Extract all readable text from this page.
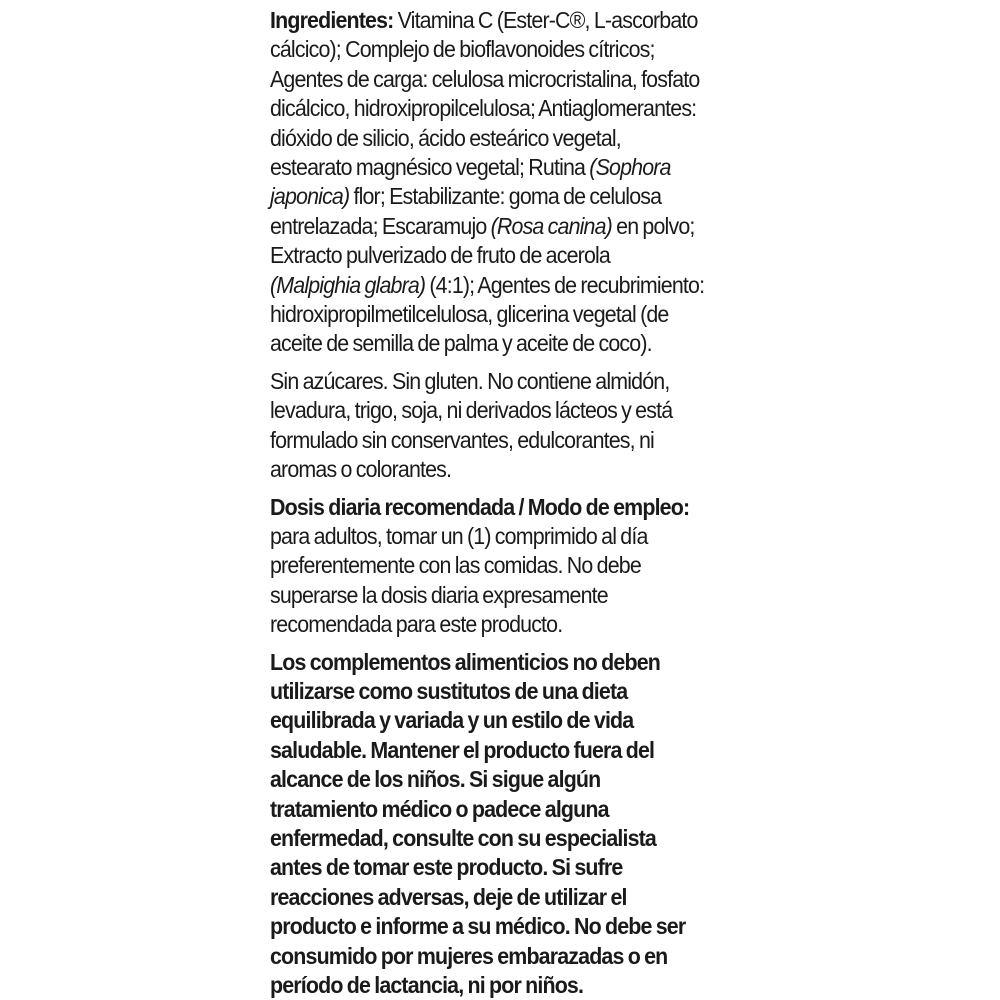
Ingredientes: Vitamina C (Ester-C®, L-ascorbato
cálcico); Complejo de bioflavonoides cítricos;
Agentes de carga: celulosa microcristalina, fosfato
dicálcico, hidroxipropilcelulosa; Antiaglomerantes:
dióxido de silicio, ácido esteárico vegetal,
estearato magnésico vegetal; Rutina (Sophora
japonica) flor; Estabilizante: goma de celulosa
entrelazada; Escaramujo (Rosa canina) en polvo;
Extracto pulverizado de fruto de acerola
(Malpighia glabra) (4:1); Agentes de recubrimiento:
hidroxipropilmetilcelulosa, glicerina vegetal (de
aceite de semilla de palma y aceite de coco).
Sin azúcares. Sin gluten. No contiene almidón,
levadura, trigo, soja, ni derivados lácteos y está
formulado sin conservantes, edulcorantes, ni
aromas o colorantes.
Dosis diaria recomendada / Modo de empleo:
para adultos, tomar un (1) comprimido al día
preferentemente con las comidas. No debe
superarse la dosis diaria expresamente
recomendada para este producto.
Los complementos alimenticios no deben
utilizarse como sustitutos de una dieta
equilibrada y variada y un estilo de vida
saludable. Mantener el producto fuera del
alcance de los niños. Si sigue algún
tratamiento médico o padece alguna
enfermedad, consulte con su especialista
antes de tomar este producto. Si sufre
reacciones adversas, deje de utilizar el
producto e informe a su médico. No debe ser
consumido por mujeres embarazadas o en
período de lactancia, ni por niños.
